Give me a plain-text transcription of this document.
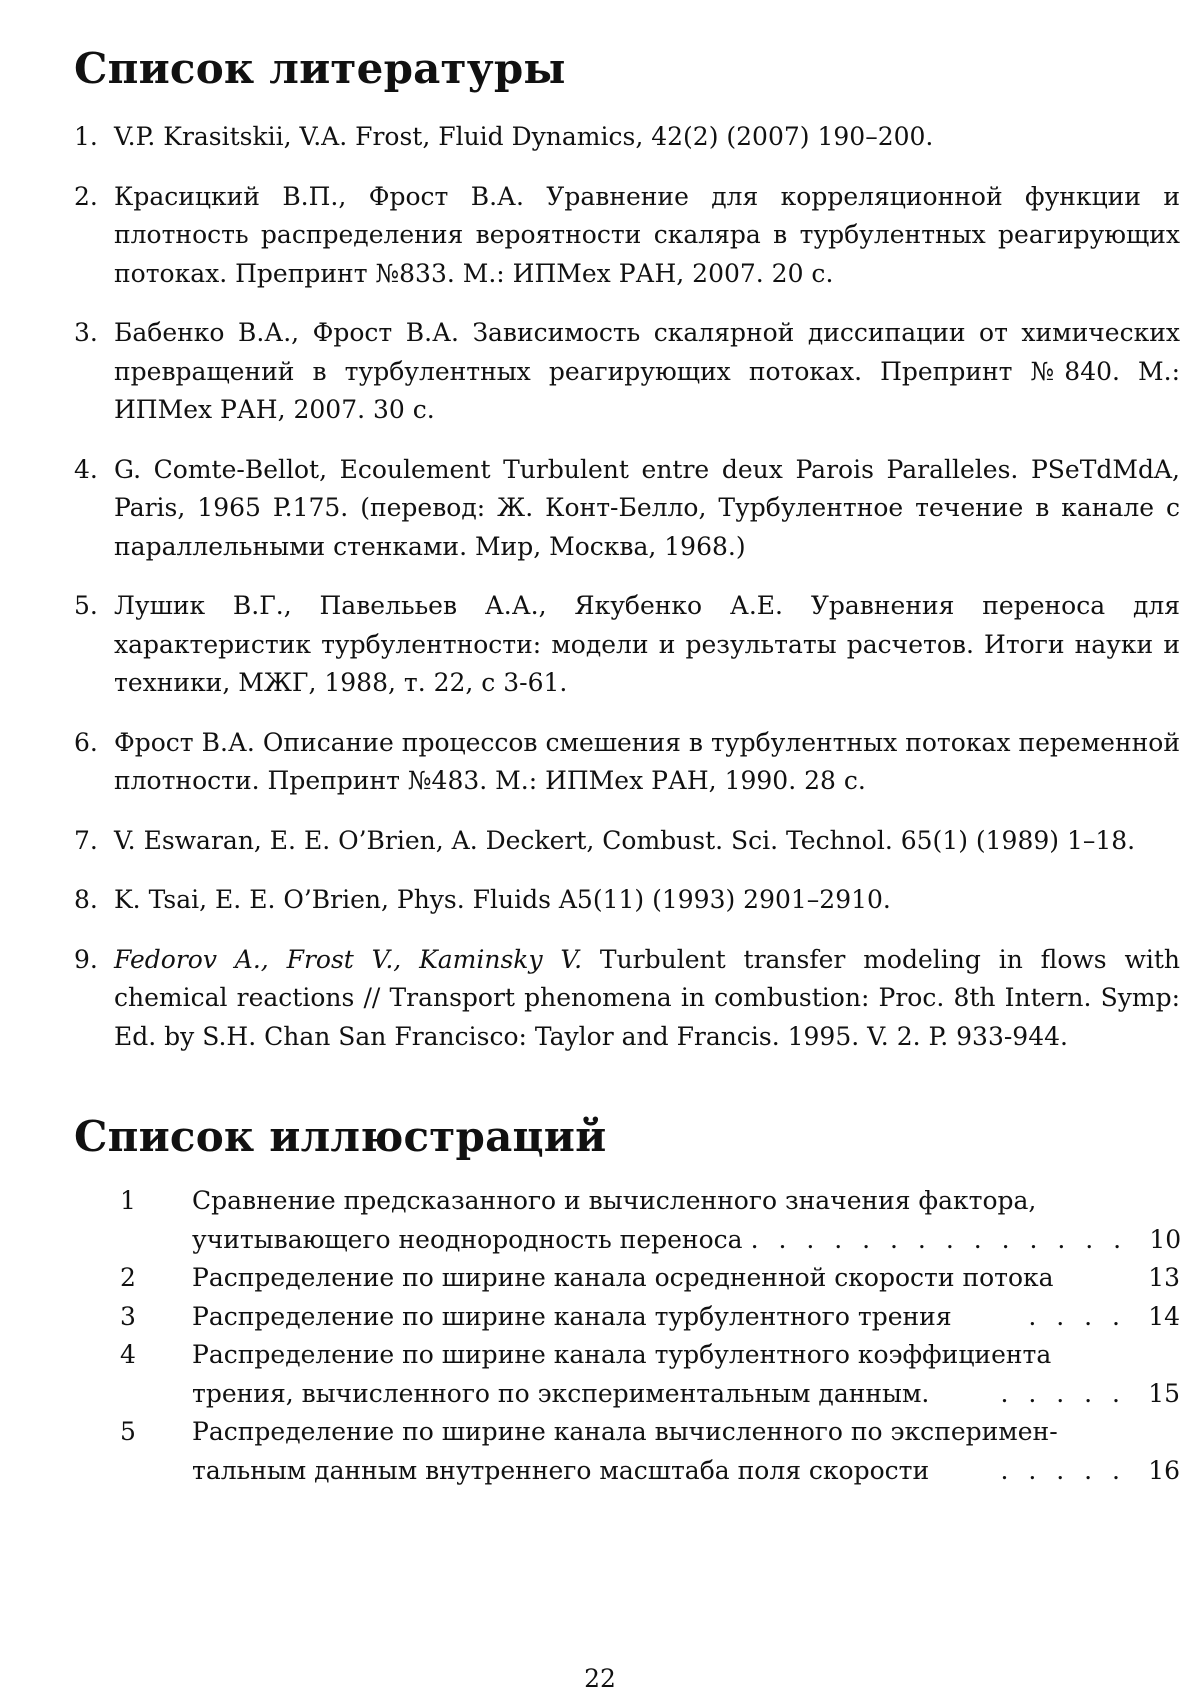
Список литературы
1. V.P. Krasitskii, V.A. Frost, Fluid Dynamics, 42(2) (2007) 190–200.
2. Красицкий В.П., Фрост В.А. Уравнение для корреляционной функции и плотность распределения вероятности скаляра в турбулентных реагирующих потоках. Препринт №833. М.: ИПМех РАН, 2007. 20 с.
3. Бабенко В.А., Фрост В.А. Зависимость скалярной диссипации от химических превращений в турбулентных реагирующих потоках. Препринт №840. М.: ИПМех РАН, 2007. 30 с.
4. G. Comte-Bellot, Ecoulement Turbulent entre deux Parois Paralleles. PSeTdMdA, Paris, 1965 P.175. (перевод: Ж. Конт-Белло, Турбулентное течение в канале с параллельными стенками. Мир, Москва, 1968.)
5. Лушик В.Г., Павелььев А.А., Якубенко А.Е. Уравнения переноса для характеристик турбулентности: модели и результаты расчетов. Итоги науки и техники, МЖГ, 1988, т. 22, с 3-61.
6. Фрост В.А. Описание процессов смешения в турбулентных потоках переменной плотности. Препринт №483. М.: ИПМех РАН, 1990. 28 с.
7. V. Eswaran, E. E. O’Brien, A. Deckert, Combust. Sci. Technol. 65(1) (1989) 1–18.
8. K. Tsai, E. E. O’Brien, Phys. Fluids A5(11) (1993) 2901–2910.
9. Fedorov A., Frost V., Kaminsky V. Turbulent transfer modeling in flows with chemical reactions // Transport phenomena in combustion: Proc. 8th Intern. Symp: Ed. by S.H. Chan San Francisco: Taylor and Francis. 1995. V. 2. P. 933-944.
Список иллюстраций
1	Сравнение предсказанного и вычисленного значения фактора,
учитывающего неоднородность переноса . . . . . . . . . . . . . . 10
2	Распределение по ширине канала осредненной скорости потока	13
3	Распределение по ширине канала турбулентного трения	. . . . 14
4	Распределение по ширине канала турбулентного коэффициента
трения, вычисленного по экспериментальным данным.	. . . . . 15
5	Распределение по ширине канала вычисленного по эксперимен-
тальным данным внутреннего масштаба поля скорости	. . . . . 16
22
